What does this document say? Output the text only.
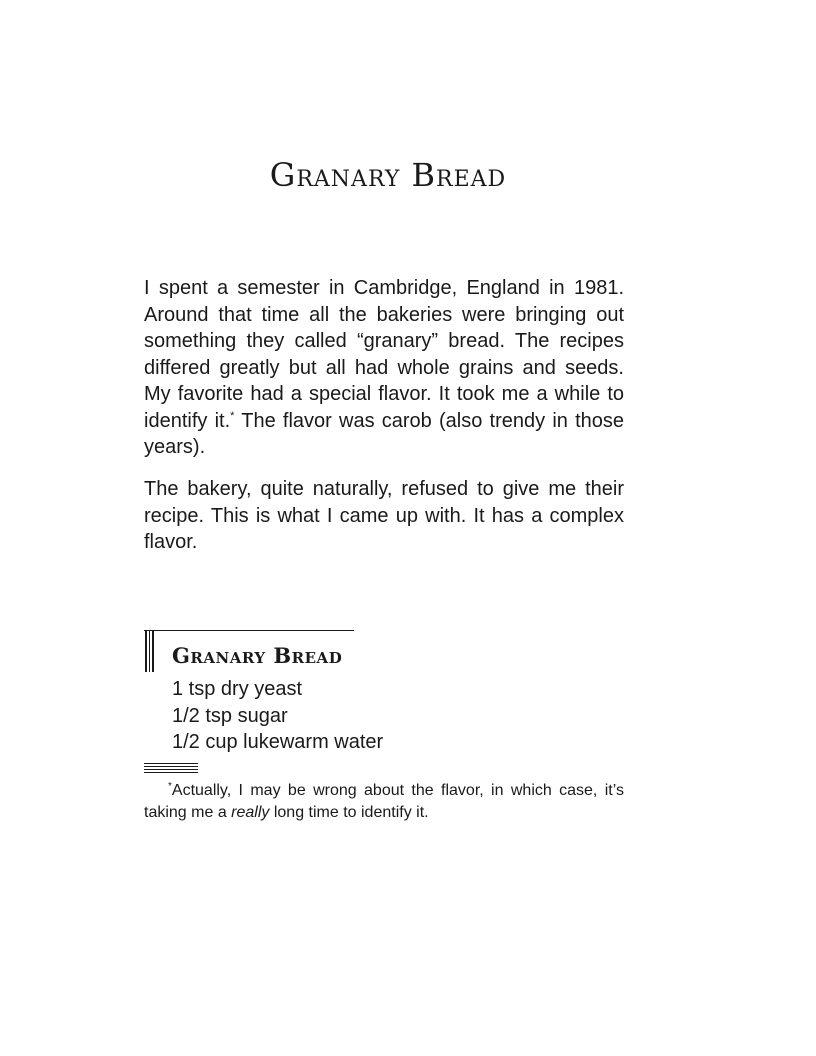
Granary Bread

I spent a semester in Cambridge, England in 1981. Around that time all the bakeries were bringing out something they called “granary” bread. The recipes differed greatly but all had whole grains and seeds. My favorite had a special flavor. It took me a while to identify it.* The flavor was carob (also trendy in those years).

The bakery, quite naturally, refused to give me their recipe. This is what I came up with. It has a complex flavor.

Granary Bread
1 tsp dry yeast
1/2 tsp sugar
1/2 cup lukewarm water

*Actually, I may be wrong about the flavor, in which case, it’s taking me a really long time to identify it.
